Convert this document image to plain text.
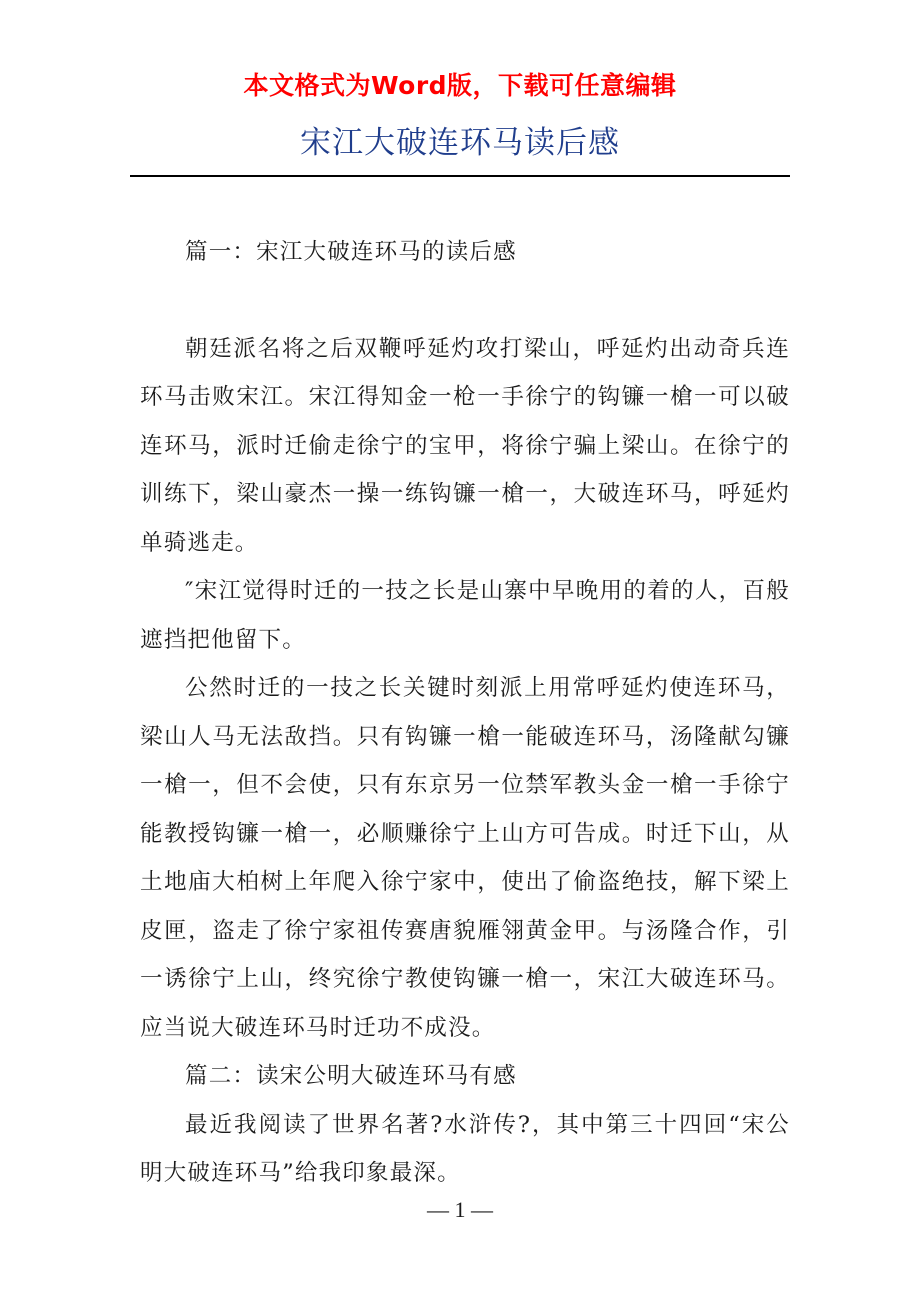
本文格式为Word版，下载可任意编辑
宋江大破连环马读后感

篇一：宋江大破连环马的读后感

朝廷派名将之后双鞭呼延灼攻打梁山，呼延灼出动奇兵连环马击败宋江。宋江得知金一枪一手徐宁的钩镰一槍一可以破连环马，派时迁偷走徐宁的宝甲，将徐宁骗上梁山。在徐宁的训练下，梁山豪杰一操一练钩镰一槍一，大破连环马，呼延灼单骑逃走。

″宋江觉得时迁的一技之长是山寨中早晚用的着的人，百般遮挡把他留下。

公然时迁的一技之长关键时刻派上用常呼延灼使连环马，梁山人马无法敌挡。只有钩镰一槍一能破连环马，汤隆献勾镰一槍一，但不会使，只有东京另一位禁军教头金一槍一手徐宁能教授钩镰一槍一，必顺赚徐宁上山方可告成。时迁下山，从土地庙大柏树上年爬入徐宁家中，使出了偷盗绝技，解下梁上皮匣，盗走了徐宁家祖传赛唐貌雁翎黄金甲。与汤隆合作，引一诱徐宁上山，终究徐宁教使钩镰一槍一，宋江大破连环马。应当说大破连环马时迁功不成没。

篇二：读宋公明大破连环马有感

最近我阅读了世界名著?水浒传?，其中第三十四回“宋公明大破连环马”给我印象最深。

— 1 —
